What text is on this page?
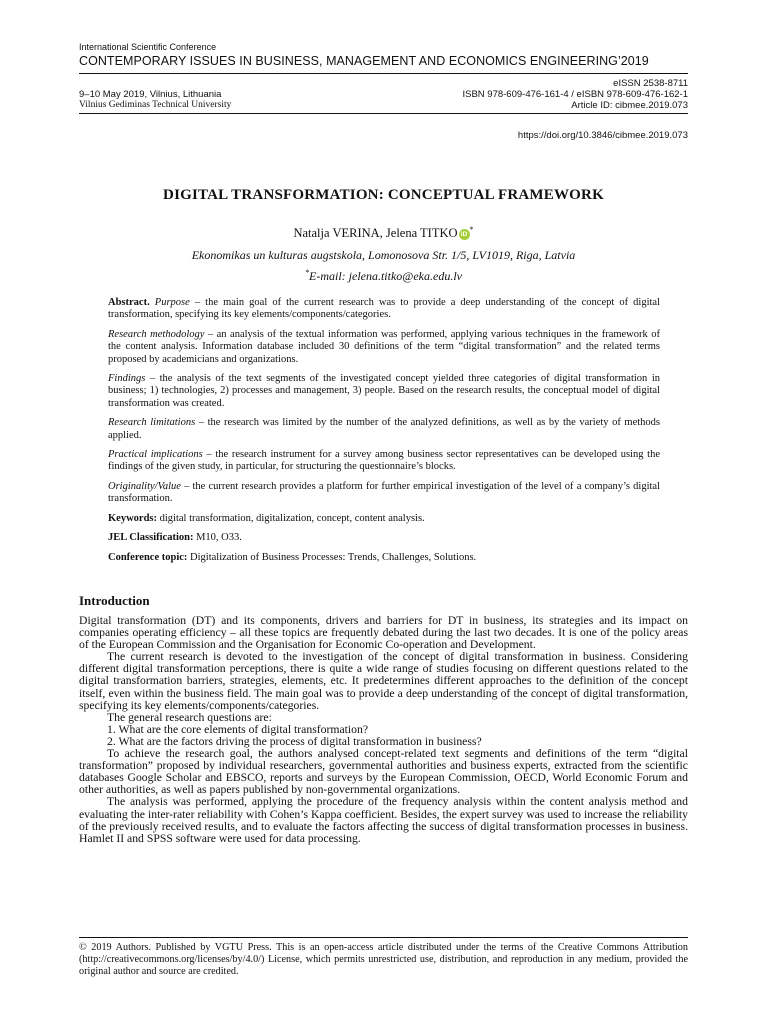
International Scientific Conference
CONTEMPORARY ISSUES IN BUSINESS, MANAGEMENT AND ECONOMICS ENGINEERING’2019
9–10 May 2019, Vilnius, Lithuania
Vilnius Gediminas Technical University
eISSN 2538-8711
ISBN 978-609-476-161-4 / eISBN 978-609-476-162-1
Article ID: cibmee.2019.073
https://doi.org/10.3846/cibmee.2019.073
DIGITAL TRANSFORMATION: CONCEPTUAL FRAMEWORK
Natalja VERINA, Jelena TITKO iD*
Ekonomikas un kulturas augstskola, Lomonosova Str. 1/5, LV1019, Riga, Latvia
*E-mail: jelena.titko@eka.edu.lv

Abstract. Purpose – the main goal of the current research was to provide a deep understanding of the concept of digital transformation, specifying its key elements/components/categories.

Research methodology – an analysis of the textual information was performed, applying various techniques in the framework of the content analysis. Information database included 30 definitions of the term “digital transformation” and the related terms proposed by academicians and organizations.

Findings – the analysis of the text segments of the investigated concept yielded three categories of digital transformation in business; 1) technologies, 2) processes and management, 3) people. Based on the research results, the conceptual model of digital transformation was created.

Research limitations – the research was limited by the number of the analyzed definitions, as well as by the variety of methods applied.

Practical implications – the research instrument for a survey among business sector representatives can be developed using the findings of the given study, in particular, for structuring the questionnaire’s blocks.

Originality/Value – the current research provides a platform for further empirical investigation of the level of a company’s digital transformation.

Keywords: digital transformation, digitalization, concept, content analysis.

JEL Classification: M10, O33.

Conference topic: Digitalization of Business Processes: Trends, Challenges, Solutions.

Introduction

Digital transformation (DT) and its components, drivers and barriers for DT in business, its strategies and its impact on companies operating efficiency – all these topics are frequently debated during the last two decades. It is one of the policy areas of the European Commission and the Organisation for Economic Co-operation and Development.

The current research is devoted to the investigation of the concept of digital transformation in business. Considering different digital transformation perceptions, there is quite a wide range of studies focusing on different questions related to the digital transformation barriers, strategies, elements, etc. It predetermines different approaches to the definition of the concept itself, even within the business field. The main goal was to provide a deep understanding of the concept of digital transformation, specifying its key elements/components/categories.

The general research questions are:

1. What are the core elements of digital transformation?

2. What are the factors driving the process of digital transformation in business?

To achieve the research goal, the authors analysed concept-related text segments and definitions of the term “digital transformation” proposed by individual researchers, governmental authorities and business experts, extracted from the scientific databases Google Scholar and EBSCO, reports and surveys by the European Commission, OECD, World Economic Forum and other authorities, as well as papers published by non-governmental organizations.

The analysis was performed, applying the procedure of the frequency analysis within the content analysis method and evaluating the inter-rater reliability with Cohen’s Kappa coefficient. Besides, the expert survey was used to increase the reliability of the previously received results, and to evaluate the factors affecting the success of digital transformation processes in business. Hamlet II and SPSS software were used for data processing.

© 2019 Authors. Published by VGTU Press. This is an open-access article distributed under the terms of the Creative Commons Attribution (http://creativecommons.org/licenses/by/4.0/) License, which permits unrestricted use, distribution, and reproduction in any medium, provided the original author and source are credited.
